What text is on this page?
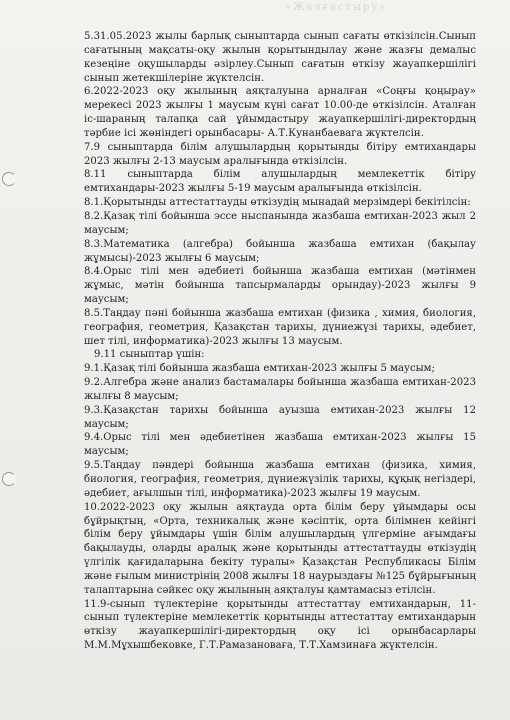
«Жалғастыру»

5.31.05.2023 жылы барлық сыныптарда сынып сағаты өткізілсін.Сынып сағатының мақсаты-оқу жылын қорытындылау және жазғы демалыс кезеңіне оқушыларды әзірлеу.Сынып сағатын өткізу жауапкершілігі сынып жетекшілеріне жүктелсін.

6.2022-2023 оқу жылының аяқталуына арналған «Соңғы қоңырау» мерекесі 2023 жылғы 1 маусым күні сағат 10.00-де өткізілсін. Аталған іс-шараның талапқа сай ұйымдастыру жауапкершілігі-директордың тәрбие ісі жөніндегі орынбасары- А.Т.Кунанбаевага жүктелсін.

7.9 сыныптарда білім алушылардың қорытынды бітіру емтихандары 2023 жылғы 2-13 маусым аралығында өткізілсін.

8.11 сыныптарда білім алушылардың мемлекеттік бітіру емтихандары-2023 жылғы 5-19 маусым аралығында өткізілсін.

8.1.Қорытынды аттестаттауды өткізудің мынадай мерзімдері бекітілсін:

8.2.Қазақ тілі бойынша эссе ныспанында жазбаша емтихан-2023 жыл 2 маусым;

8.3.Математика (алгебра) бойынша жазбаша емтихан (бақылау жұмысы)-2023 жылғы 6 маусым;

8.4.Орыс тілі мен әдебиеті бойынша жазбаша емтихан (мәтінмен жұмыс, мәтін бойынша тапсырмаларды орындау)-2023 жылғы 9 маусым;

8.5.Таңдау пәні бойынша жазбаша емтихан (физика , химия, биология, география, геометрия, Қазақстан тарихы, дүниежүзі тарихы, әдебиет, шет тілі, информатика)-2023 жылғы 13 маусым.

9.11 сыныптар үшін:

9.1.Қазақ тілі бойынша жазбаша емтихан-2023 жылғы 5 маусым;

9.2.Алгебра және анализ бастамалары бойынша жазбаша емтихан-2023 жылғы 8 маусым;

9.3.Қазақстан тарихы бойынша ауызша емтихан-2023 жылғы 12 маусым;

9.4.Орыс тілі мен әдебиетінен жазбаша емтихан-2023 жылғы 15 маусым;

9.5.Таңдау пәндері бойынша жазбаша емтихан (физика, химия, биология, география, геометрия, дүниежүзілік тарихы, құқық негіздері, әдебиет, ағылшын тілі, информатика)-2023 жылғы 19 маусым.

10.2022-2023 оқу жылын аяқтауда орта білім беру ұйымдары осы бұйрықтың, «Орта, техникалық және кәсіптік, орта білімнен кейінгі білім беру ұйымдары үшін білім алушылардың үлгерміне ағымдағы бақылауды, оларды аралық және қорытынды аттестаттауды өткізудің үлгілік қағидаларына бекіту туралы» Қазақстан Республикасы Білім және ғылым министрінің 2008 жылғы 18 наурыздағы №125 бұйрығының талаптарына сәйкес оқу жылының аяқталуы қамтамасыз етілсін.

11.9-сынып түлектеріне қорытынды аттестаттау емтихандарын, 11-сынып түлектеріне мемлекеттік қорытынды аттестаттау емтихандарын өткізу жауапкершілігі-директордың оқу ісі орынбасарлары М.М.Мұхышбековке, Г.Т.Рамазанова​ға, Т.Т.Хамзинаға жүктелсін.
